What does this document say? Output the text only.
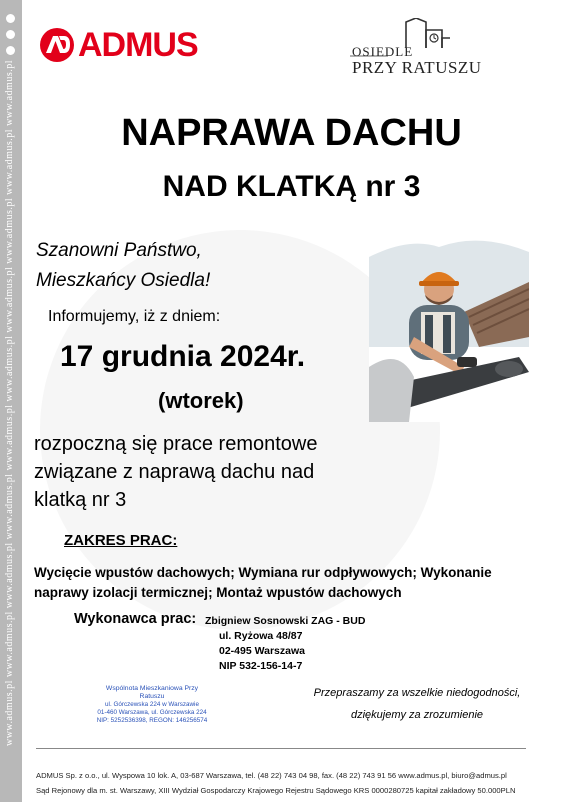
www.admus.pl www.admus.pl www.admus.pl www.admus.pl www.admus.pl www.admus.pl www.admus.pl www.admus.pl www.admus.pl www.admus.pl
ADMUS	OSIEDLE
PRZY RATUSZU
NAPRAWA DACHU
NAD KLATKĄ nr 3
Szanowni Państwo,
Mieszkańcy Osiedla!
Informujemy, iż z dniem:
17 grudnia 2024r.
(wtorek)
rozpoczną się prace remontowe
związane z naprawą dachu nad
klatką nr 3
ZAKRES PRAC:
Wycięcie wpustów dachowych; Wymiana rur odpływowych; Wykonanie
naprawy izolacji termicznej; Montaż wpustów dachowych
Wykonawca prac: Zbigniew Sosnowski ZAG - BUD
ul. Ryżowa 48/87
02-495 Warszawa
NIP 532-156-14-7
Wspólnota Mieszkaniowa Przy Ratuszu
ul. Górczewska 224 w Warszawie
01-460 Warszawa, ul. Górczewska 224
NIP: 5252536398, REGON: 146256574
Przepraszamy za wszelkie niedogodności,
dziękujemy za zrozumienie
ADMUS Sp. z o.o., ul. Wyspowa 10 lok. A, 03-687 Warszawa, tel. (48 22) 743 04 98, fax. (48 22) 743 91 56 www.admus.pl, biuro@admus.pl
Sąd Rejonowy dla m. st. Warszawy, XIII Wydział Gospodarczy Krajowego Rejestru Sądowego KRS 0000280725 kapitał zakładowy 50.000PLN
